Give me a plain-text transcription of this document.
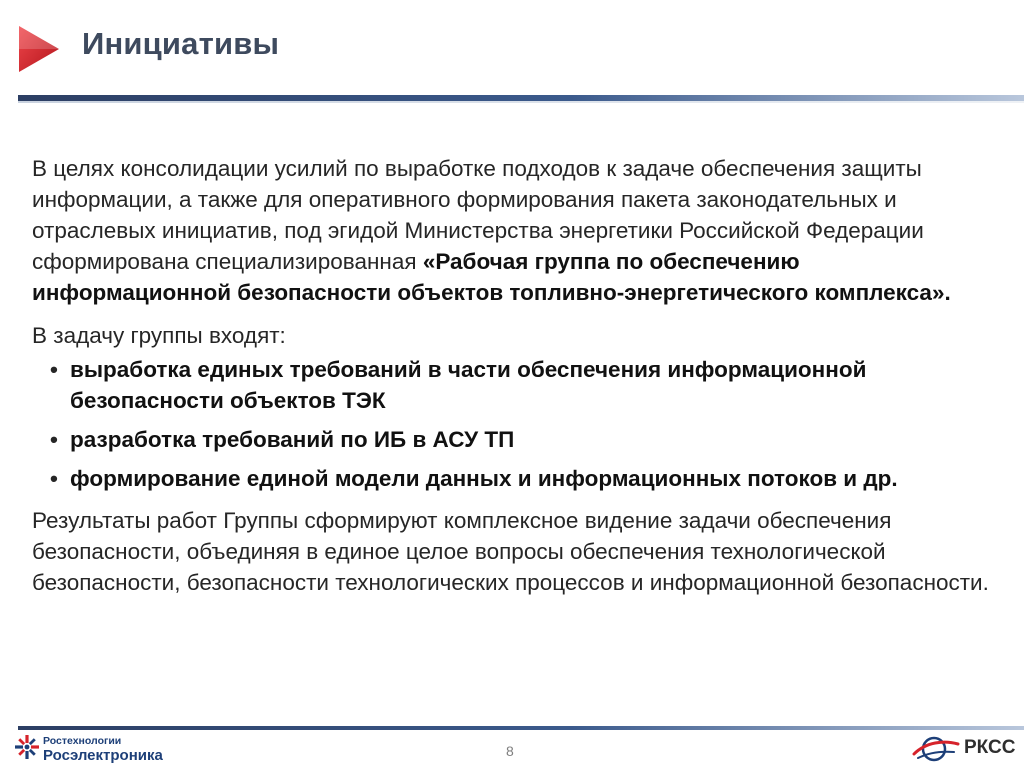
Инициативы

В целях консолидации усилий по выработке подходов к задаче обеспечения защиты информации, а также для оперативного формирования пакета законодательных и отраслевых инициатив, под эгидой Министерства энергетики Российской Федерации сформирована специализированная «Рабочая группа по обеспечению информационной безопасности объектов топливно-энергетического комплекса».

В задачу группы входят:

• выработка единых требований в части обеспечения информационной безопасности объектов ТЭК
• разработка требований по ИБ в АСУ ТП
• формирование единой модели данных и информационных потоков и др.

Результаты работ Группы сформируют комплексное видение задачи обеспечения безопасности, объединяя в единое целое вопросы обеспечения технологической безопасности, безопасности технологических процессов и информационной безопасности.

Ростехнологии
Росэлектроника	8	РКСС
